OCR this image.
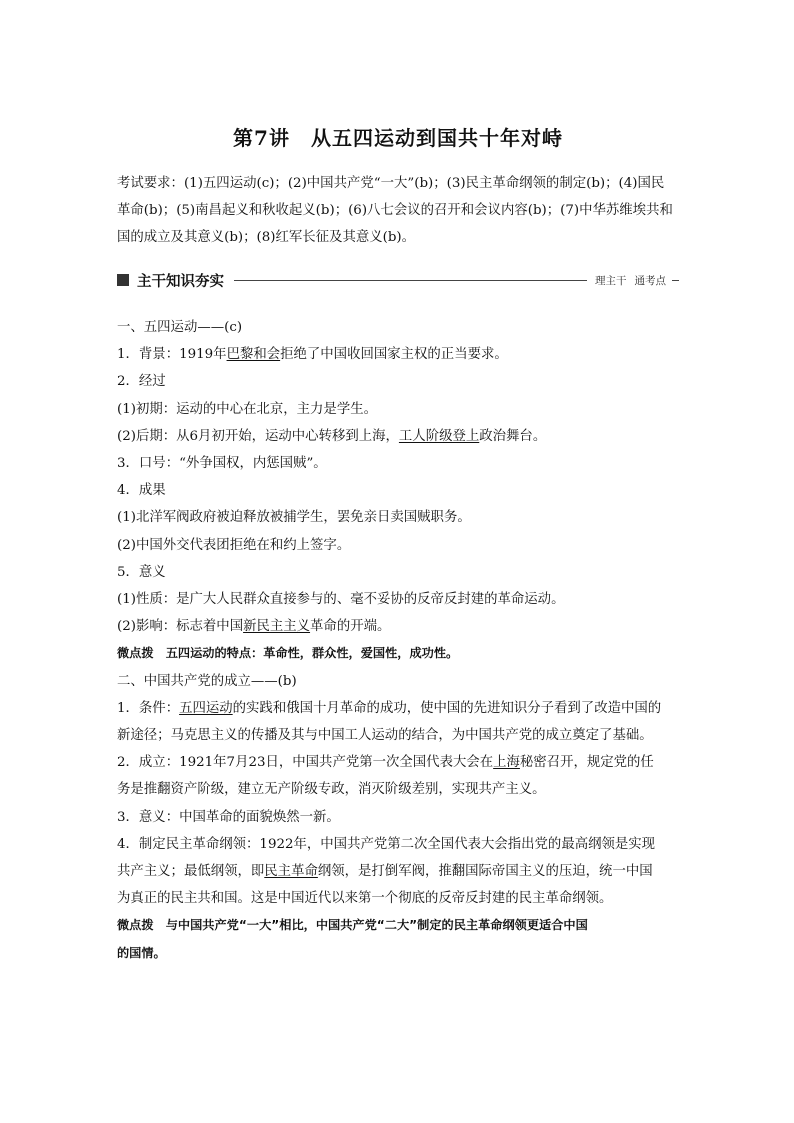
第7讲　从五四运动到国共十年对峙
考试要求：(1)五四运动(c)；(2)中国共产党“一大”(b)；(3)民主革命纲领的制定(b)；(4)国民
革命(b)；(5)南昌起义和秋收起义(b)；(6)八七会议的召开和会议内容(b)；(7)中华苏维埃共和
国的成立及其意义(b)；(8)红军长征及其意义(b)。
主干知识夯实	理主干 通考点
一、五四运动——(c)
1．背景：1919年巴黎和会拒绝了中国收回国家主权的正当要求。
2．经过
(1)初期：运动的中心在北京，主力是学生。
(2)后期：从6月初开始，运动中心转移到上海，工人阶级登上政治舞台。
3．口号：“外争国权，内惩国贼”。
4．成果
(1)北洋军阀政府被迫释放被捕学生，罢免亲日卖国贼职务。
(2)中国外交代表团拒绝在和约上签字。
5．意义
(1)性质：是广大人民群众直接参与的、毫不妥协的反帝反封建的革命运动。
(2)影响：标志着中国新民主主义革命的开端。
微点拨　五四运动的特点：革命性，群众性，爱国性，成功性。
二、中国共产党的成立——(b)
1．条件：五四运动的实践和俄国十月革命的成功，使中国的先进知识分子看到了改造中国的
新途径；马克思主义的传播及其与中国工人运动的结合，为中国共产党的成立奠定了基础。
2．成立：1921年7月23日，中国共产党第一次全国代表大会在上海秘密召开，规定党的任
务是推翻资产阶级，建立无产阶级专政，消灭阶级差别，实现共产主义。
3．意义：中国革命的面貌焕然一新。
4．制定民主革命纲领：1922年，中国共产党第二次全国代表大会指出党的最高纲领是实现
共产主义；最低纲领，即民主革命纲领，是打倒军阀，推翻国际帝国主义的压迫，统一中国
为真正的民主共和国。这是中国近代以来第一个彻底的反帝反封建的民主革命纲领。
微点拨　与中国共产党“一大”相比，中国共产党“二大”制定的民主革命纲领更适合中国
的国情。
